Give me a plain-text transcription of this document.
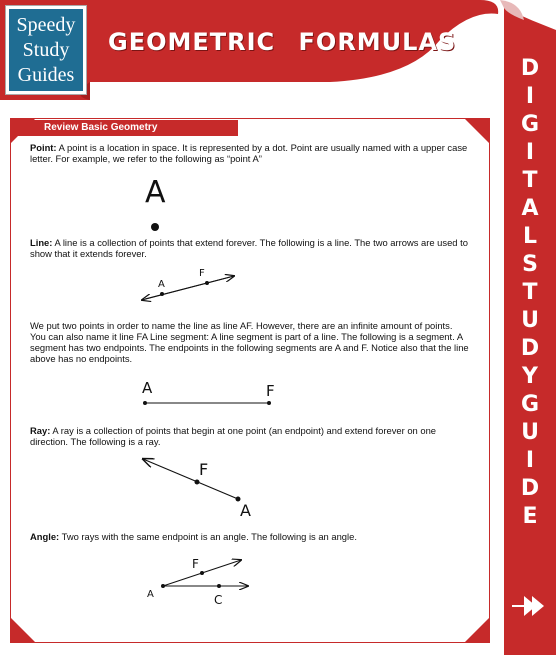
Speedy
Study
Guides
GEOMETRIC FORMULAS
D
I
G
I
T
A
L
S
T
U
D
Y
G
U
I
D
E
Review Basic Geometry
Point: A point is a location in space. It is represented by a dot. Point are usually named with a upper case letter. For example, we refer to the following as “point A”
Line: A line is a collection of points that extend forever. The following is a line. The two arrows are used to show that it extends forever.
We put two points in order to name the line as line AF. However, there are an infinite amount of points. You can also name it line FA Line segment: A line segment is part of a line. The following is a segment. A segment has two endpoints. The endpoints in the following segments are A and F. Notice also that the line above has no endpoints.
Ray: A ray is a collection of points that begin at one point (an endpoint) and extend forever on one direction. The following is a ray.
Angle: Two rays with the same endpoint is an angle. The following is an angle.
A
A
F
A	F
F
A
F
A	C
